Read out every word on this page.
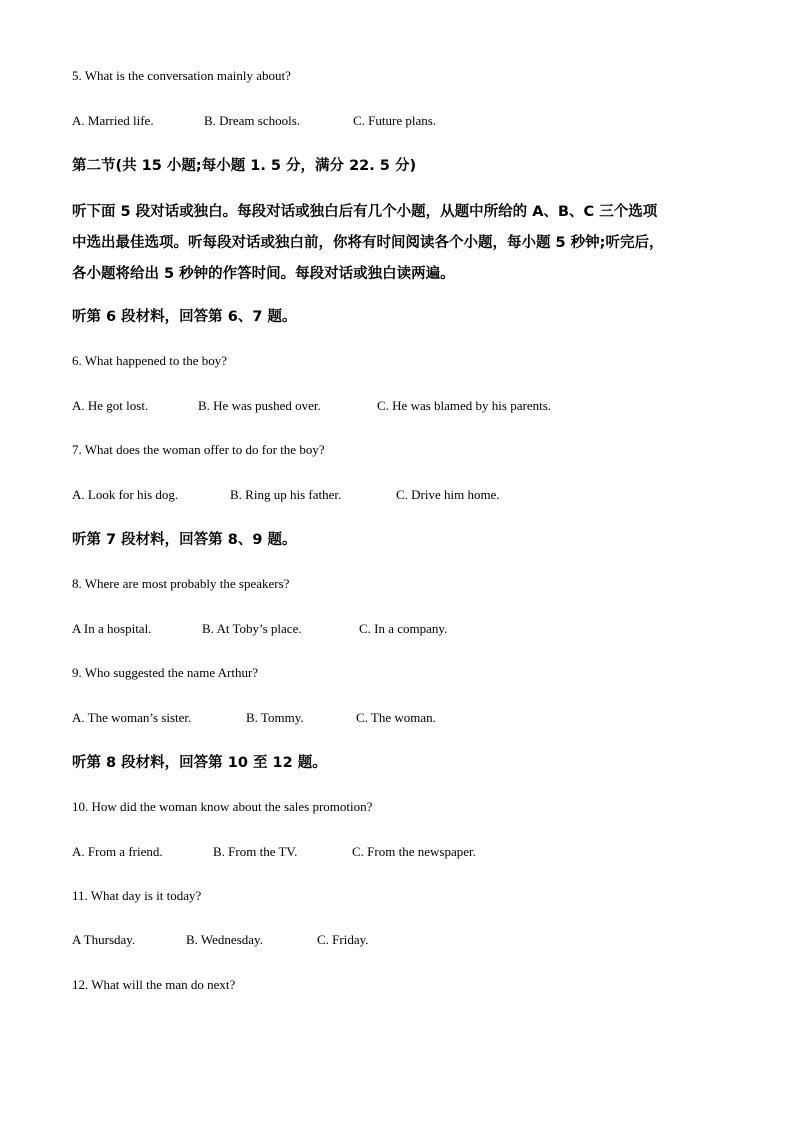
5. What is the conversation mainly about?
A. Married life.	B. Dream schools.	C. Future plans.
第二节(共 15 小题;每小题 1. 5 分，满分 22. 5 分)
听下面 5 段对话或独白。每段对话或独白后有几个小题，从题中所给的 A、B、C 三个选项
中选出最佳选项。听每段对话或独白前，你将有时间阅读各个小题，每小题 5 秒钟;听完后，
各小题将给出 5 秒钟的作答时间。每段对话或独白读两遍。
听第 6 段材料，回答第 6、7 题。
6. What happened to the boy?
A. He got lost.	B. He was pushed over.	C. He was blamed by his parents.
7. What does the woman offer to do for the boy?
A. Look for his dog.	B. Ring up his father.	C. Drive him home.
听第 7 段材料，回答第 8、9 题。
8. Where are most probably the speakers?
A In a hospital.	B. At Toby’s place.	C. In a company.
9. Who suggested the name Arthur?
A. The woman’s sister.	B. Tommy.	C. The woman.
听第 8 段材料，回答第 10 至 12 题。
10. How did the woman know about the sales promotion?
A. From a friend.	B. From the TV.	C. From the newspaper.
11. What day is it today?
A Thursday.	B. Wednesday.	C. Friday.
12. What will the man do next?
